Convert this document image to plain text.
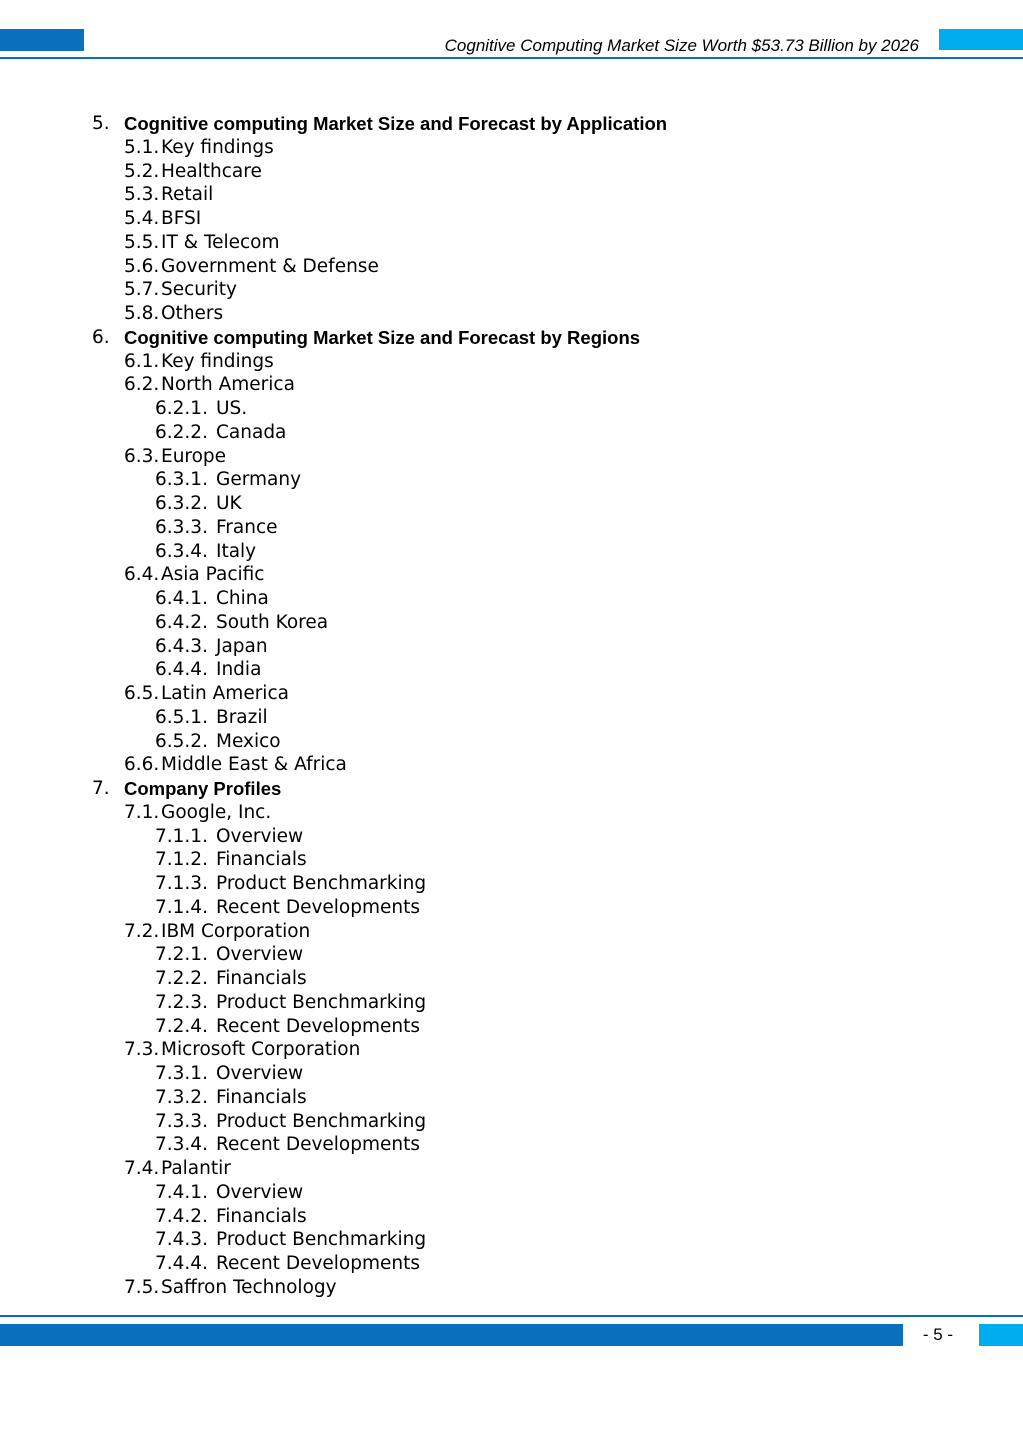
Cognitive Computing Market Size Worth $53.73 Billion by 2026
5. Cognitive computing Market Size and Forecast by Application
5.1. Key findings
5.2. Healthcare
5.3. Retail
5.4. BFSI
5.5. IT & Telecom
5.6. Government & Defense
5.7. Security
5.8. Others
6. Cognitive computing Market Size and Forecast by Regions
6.1. Key findings
6.2. North America
6.2.1. US.
6.2.2. Canada
6.3. Europe
6.3.1. Germany
6.3.2. UK
6.3.3. France
6.3.4. Italy
6.4. Asia Pacific
6.4.1. China
6.4.2. South Korea
6.4.3. Japan
6.4.4. India
6.5. Latin America
6.5.1. Brazil
6.5.2. Mexico
6.6. Middle East & Africa
7. Company Profiles
7.1. Google, Inc.
7.1.1. Overview
7.1.2. Financials
7.1.3. Product Benchmarking
7.1.4. Recent Developments
7.2. IBM Corporation
7.2.1. Overview
7.2.2. Financials
7.2.3. Product Benchmarking
7.2.4. Recent Developments
7.3. Microsoft Corporation
7.3.1. Overview
7.3.2. Financials
7.3.3. Product Benchmarking
7.3.4. Recent Developments
7.4. Palantir
7.4.1. Overview
7.4.2. Financials
7.4.3. Product Benchmarking
7.4.4. Recent Developments
7.5. Saffron Technology
- 5 -
